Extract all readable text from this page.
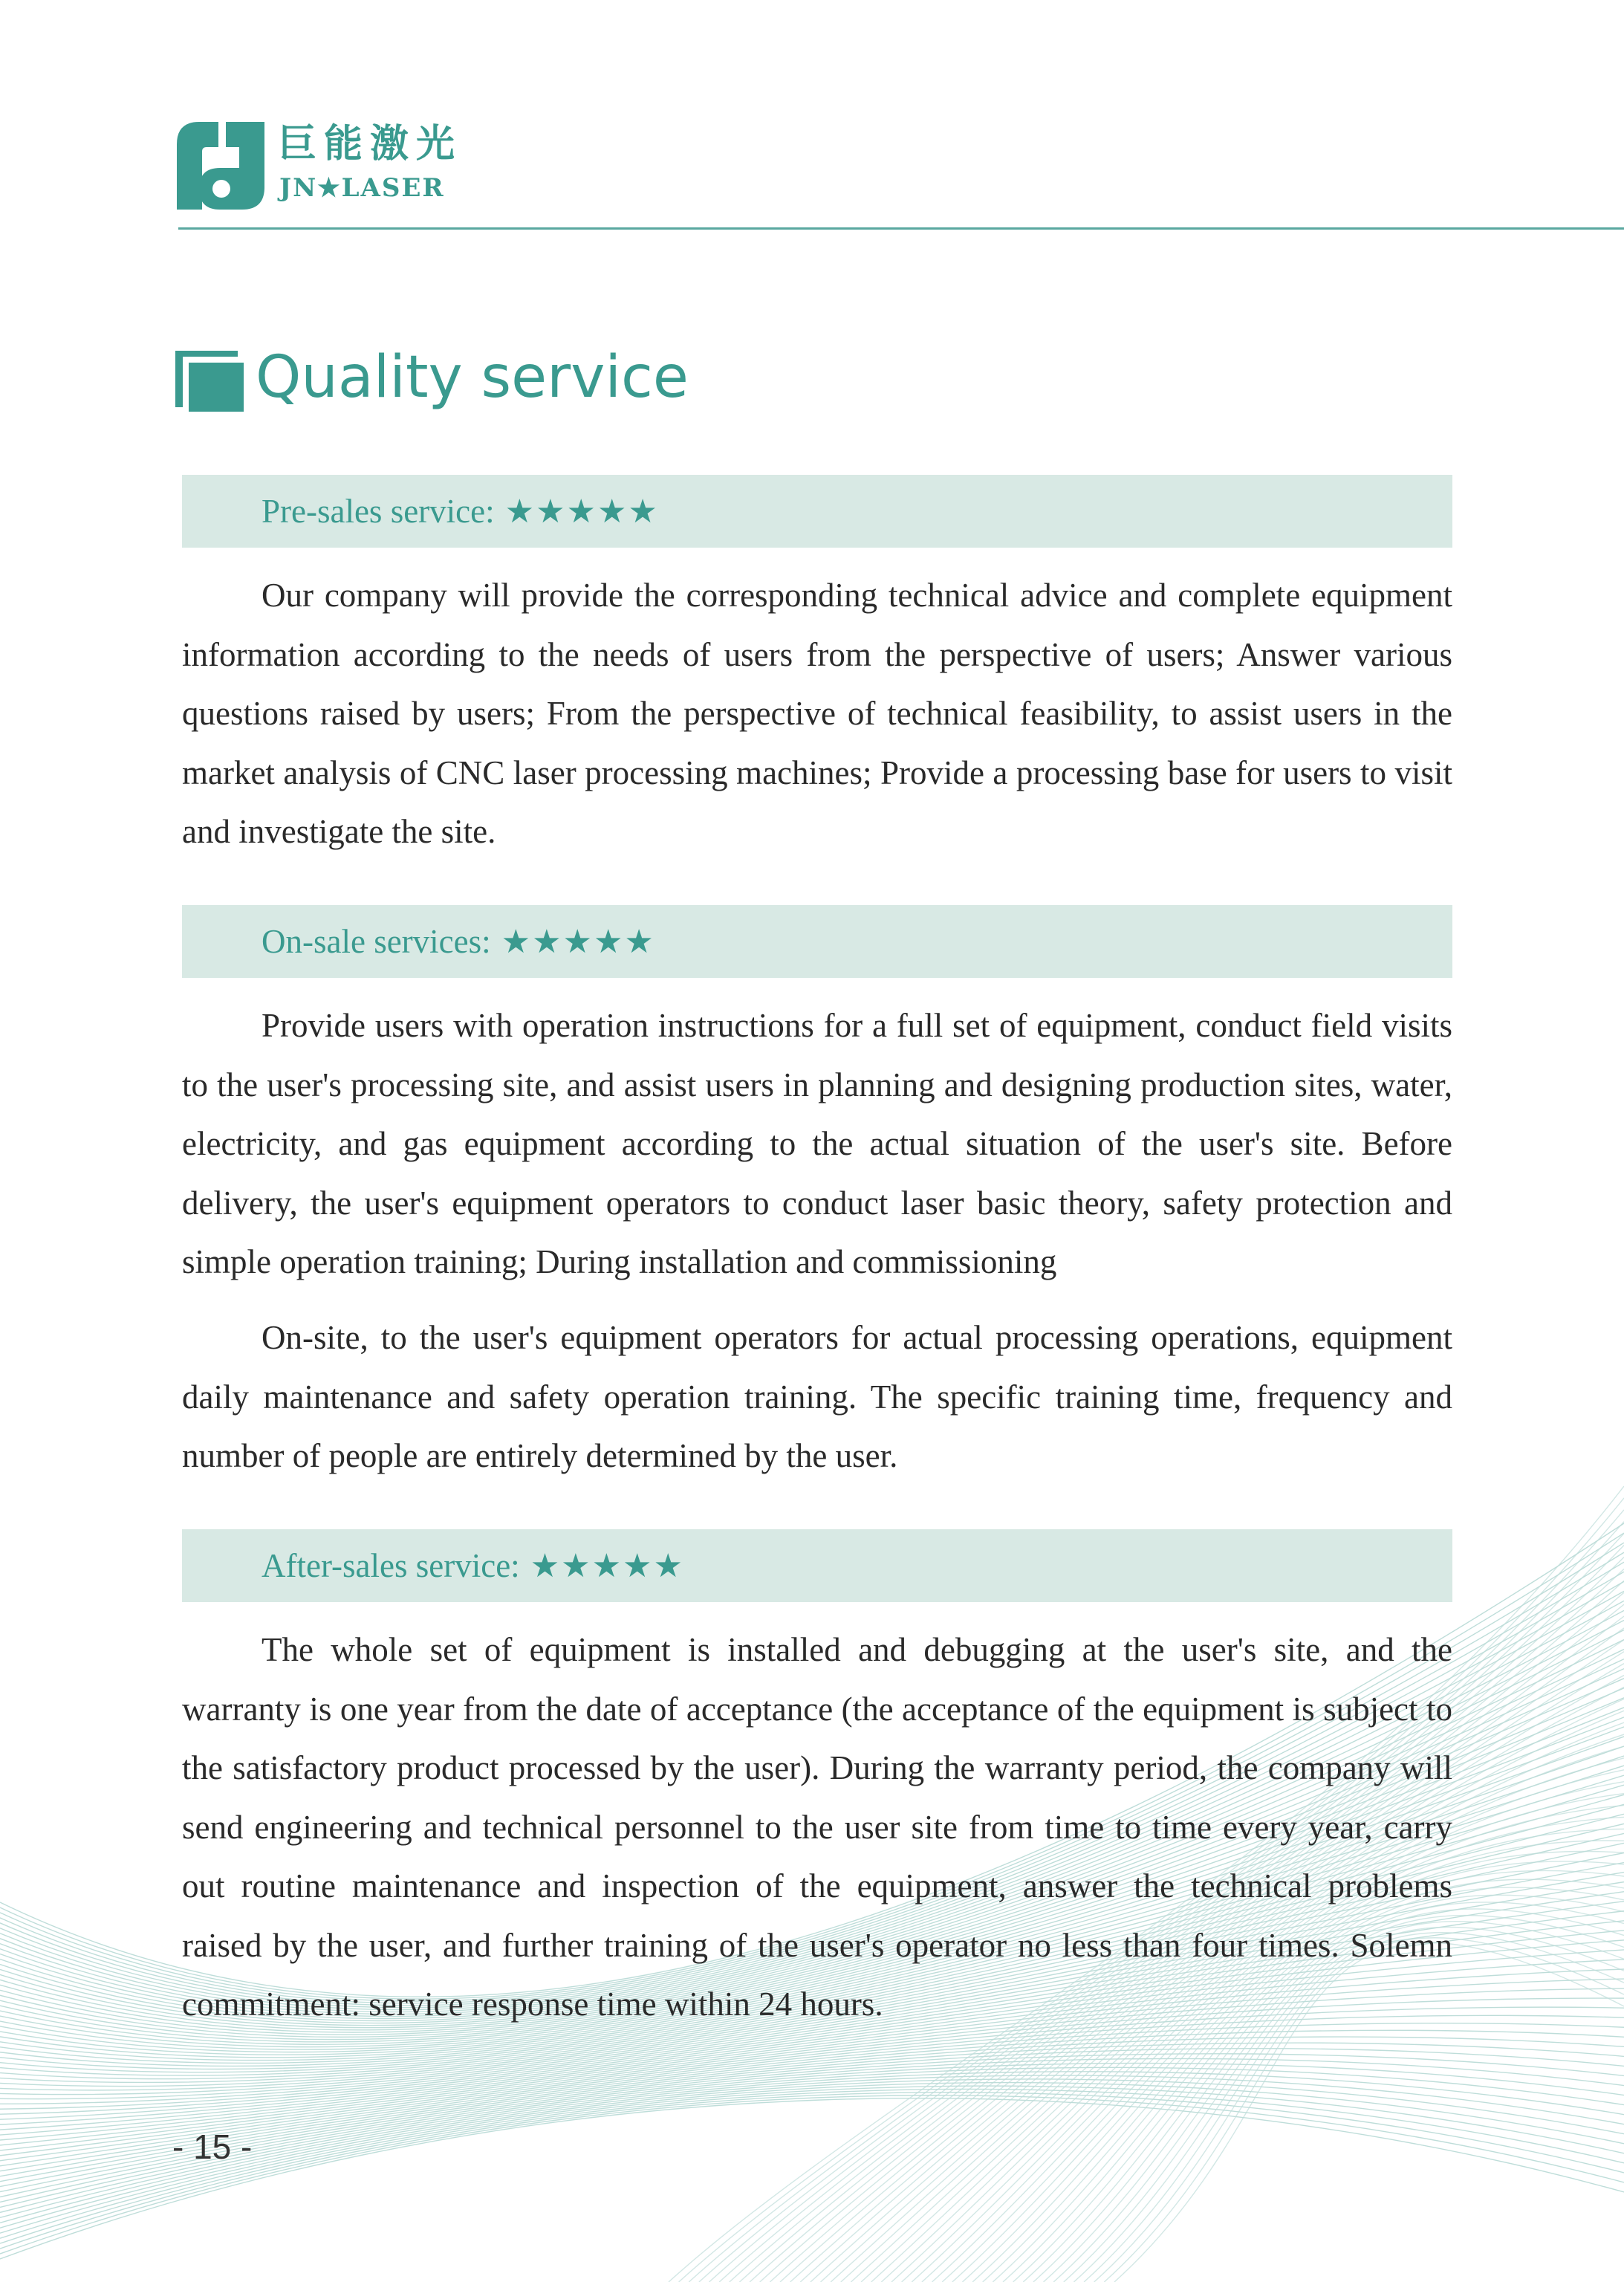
巨能激光
JN★LASER
Quality service
Pre-sales service: ★★★★★

Our company will provide the corresponding technical advice and complete equipment information according to the needs of users from the perspective of users; Answer various questions raised by users; From the perspective of technical feasibility, to assist users in the market analysis of CNC laser processing machines; Provide a processing base for users to visit and investigate the site.

On-sale services: ★★★★★

Provide users with operation instructions for a full set of equipment, conduct field visits to the user's processing site, and assist users in planning and designing production sites, water, electricity, and gas equipment according to the actual situation of the user's site. Before delivery, the user's equipment operators to conduct laser basic theory, safety protection and simple operation training; During installation and commissioning

On-site, to the user's equipment operators for actual processing operations, equipment daily maintenance and safety operation training. The specific training time, frequency and number of people are entirely determined by the user.

After-sales service: ★★★★★

The whole set of equipment is installed and debugging at the user's site, and the warranty is one year from the date of acceptance (the acceptance of the equipment is subject to the satisfactory product processed by the user). During the warranty period, the company will send engineering and technical personnel to the user site from time to time every year, carry out routine maintenance and inspection of the equipment, answer the technical problems raised by the user, and further training of the user's operator no less than four times. Solemn commitment: service response time within 24 hours.

- 15 -
